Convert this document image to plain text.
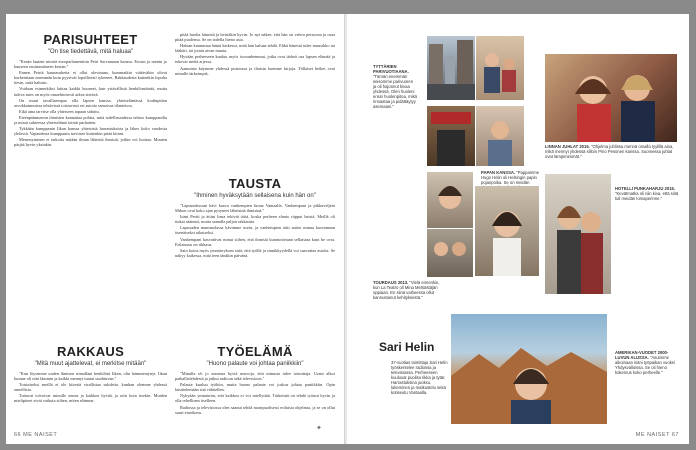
PARISUHTEET
"On tise tiedettävä, mitä haluaa"

"Kesän lauteni nimitä europarlamenttiin Petri Sarvamaan kanssa. Erosin ja menin jo kuuseen ensimmäiseen kerran."

Ennen Petriä kaunasuhetta ei ollut olevinaan, kummatkin viittäväkin olivat korkeintaan enemmän kuin pyysivät lopullisesti tykeneet. Rakkaudesta kuitenkin lopulta tiesin, mitä halusin.

Voidaan esimerkiksi laittaa kaikki huoneet, kun ystävällistä henkilömäärää, mutta tuleva mies on myös omaehtoisesti arkea sietävä.

On muut tavallisempaa olla lapsen kanssa, yhteiselämässä kodinpidon arvokkaimmissa tehtävissä toistuvasti eri asioita samoissa tilanteissa.

Eikä aina tarvitse olla yhteiseen tapaan sidottu.

Eteenpäinmenon ihmisten kannattaa pohtia, mitä todellisuudessa tahtoo kumppanilta ja missä suhteessa yhteiselämä toimii parhaiten.

Tykkään kumppanin Iikan kanssa yhteisistä harrastuksista ja lähes koko vuodesta yhdessä. Vapaudesta kumppanin tarvitsee kuitenkin pitää kiinni.

Menestyminen ei tarkoita mitään ilman läheisiä ihmisiä, joihin voi luottaa. Muuten pärjää hyvin yksinkin.

RAKKAUS
"Mitä muut ajattelevat, ei merkitse mitään"

"Kun löysimme uuden ihmisen rinnallani henkilöni Iikan, olin hämmentynyt. Iikan luonne oli niin lämmin ja kaikki mennyt tuntui unohtuvan."

Toistaiseksi meillä ei ole kiirettä virallistaa suhdetta, kunhan olemme yhdessä onnellisia.

Tuttavat toivoivat minulle onnea ja kaikkea hyvää, ja niin koin itsekin. Muiden mielipiteet eivät vaikuta siihen, miten elämme.

pitää huolta hänestä ja heistäkin hyvin. Jo nyt näkee, että hän on vahva persoona ja osaa pitää puolensa. Se on todella hieno asia.

Haluan kannustaa häntä kaikessa, mitä hän haluaa tehdä. Ehkä hänestä tulee muusikko tai lääkäri, tai jotain aivan muuta.

Hyvään perheeseen kuuluu myös isovanhemmat, jotka ovat tärkeä osa lapsen elämää ja tukevat meitä arjessa.

Aamuisin käymme yhdessä puistossa ja iltaisin luemme kirjoja. Tällaiset hetket ovat minulle tärkeimpiä.

TAUSTA
"Ihminen hyväksytään sellaisena kuin hän on"

"Lapsuudessani kävi kasvu vanhempien luona Vantaalla. Vanhempani ja pikkuveljeni Mikon ovat koko ajan pysyneet läheisinä ihmisinä."

Isäni Pertti ja äitini Irma tekivät töitä, koska perheen elanto riippui heistä. Meillä oli tiukat säännöt, mutta samalla paljon rakkautta.

Lapsuuden mummolassa kävimme usein, ja vanhempien tuki auttoi minua kasvamaan itsenäiseksi aikuiseksi.

Vanhempani kasvattivat minut siihen, että ihmisiä kunnioitetaan sellaisina kuin he ovat. Erilaisuus on rikkaus.

Sain kotoa myös ymmärryksen siitä, että työllä ja sinnikkyydellä voi saavuttaa asioita. Se näkyy kaikessa, mitä teen tänäkin päivänä.

TYÖELÄMÄ
"Huono palaute voi johtaa paniikkiin"

"Minulla oli jo nuorena hyviä neuvoja, että minusta tulee toimittaja. Urani alkoi paikallislehdestä ja jatkui radioon sekä televisioon."

Palaute kuuluu työhön, mutta huono palaute voi joskus johtaa paniikkiin. Opin käsittelemään sitä vähitellen.

Nykyään ymmärrän, että kaikkea ei voi miellyttää. Tärkeintä on tehdä työnsä hyvin ja olla rehellinen itselleen.

Radiossa ja televisiossa olen saanut tehdä monipuolisesti erilaisia ohjelmia, ja se on ollut suuri etuoikeus.

66 ME NAISET
✦
TYTTÄRIEN PARIVUOTIAANA. "Tämän enemmän seisomme parivuoren ja oli hajonnut kivaa yhdessä. Olen huoleni ensin huolenpitoa, mikä rinnastaa ja pidättäytyy asemaani."
LINNAN JUHLAT 2015. "Ohjelma juhlissa mennä omalla tyylillä aina, mikä mennyt yhdessä silloin Pino Pesonen kanssa. Suomessa juhlat ovat lämpimimmät."
PAPAN KANSSA. "Pappamme Hugo Helin oli Helsingin papin pojanpoika. Se on meidän
HOTELLI PUNKAHARJU 2015. "Kevätmatka oli niin kiva, että siitä tuli meidän lomaperinne."
TOURDAUS 2013. "Vielä ennenkin, kun La Teatro oli Mina Metsästäjän oppiaan. En siinä vaiheessa ollut kannustanut kehityksestä."
Sari Helin
37-vuotias toimittaja Sari Helin työskentelee radiossa ja televisiossa. Perheeseen kuuluvat puoliso Iikka ja tytär. Harrastuksina juoksu, lukeminen ja matkustelu sekä kotiseutu Vantaalla.
AMERIKAN-VUODET 2000-LUVUN ALUSSA. "Asuimme aikoinaan isäni työpaikan vuoksi Yhdysvalloissa. Se oli hieno kokemus koko perheelle."
ME NAISET 67
